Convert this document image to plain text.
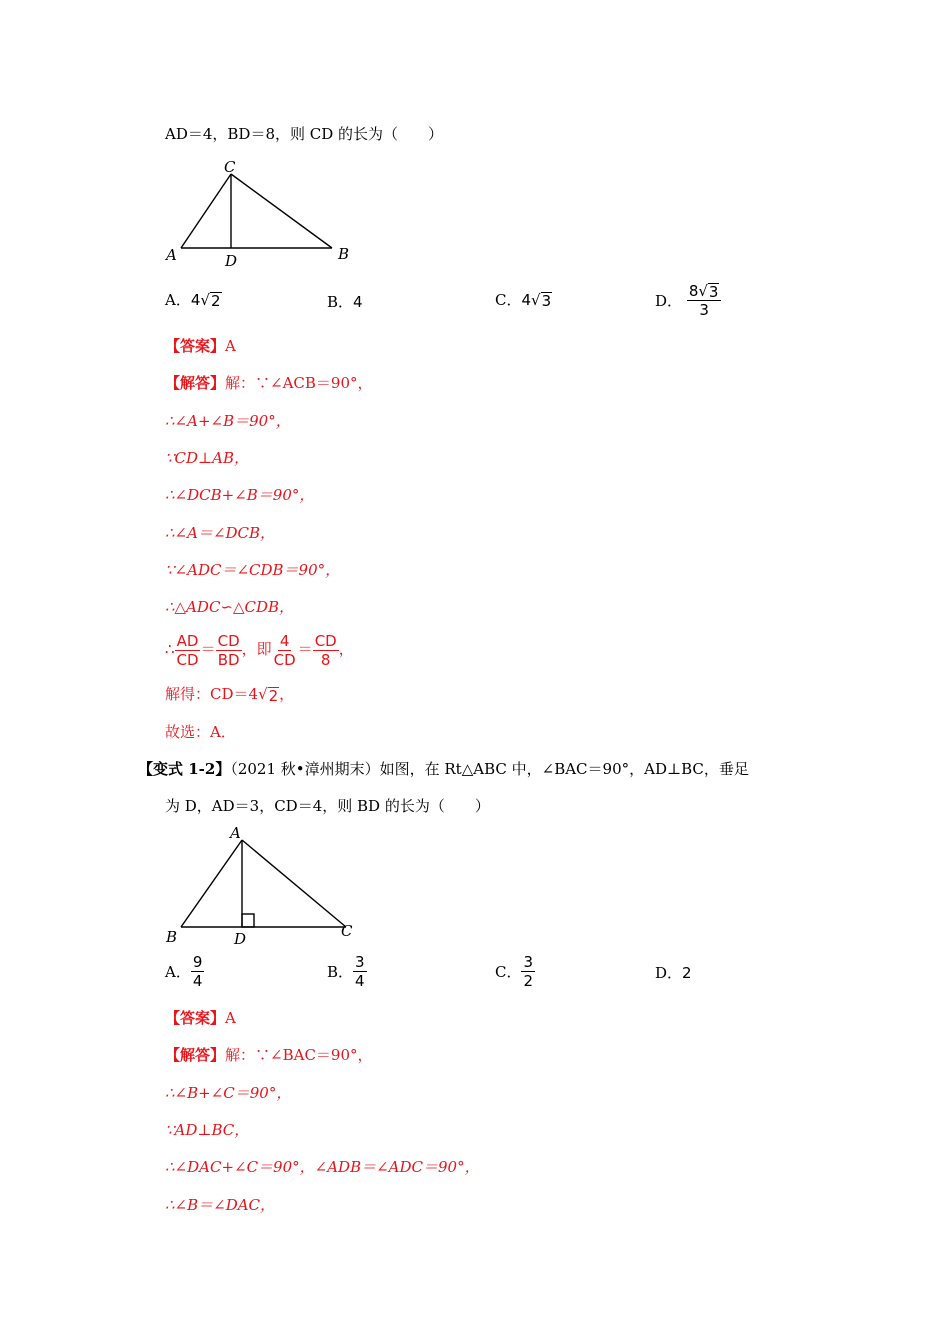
AD＝4，BD＝8，则 CD 的长为（　　）
C
A	D	B
A．4 √ 2	B．4	C．4 √ 3	D． $\frac{8 √ 3}{3}$
【答案】A
【解答】解：∵∠ACB＝90°，
∴∠A+∠B＝90°，
∵CD⊥AB，
∴∠DCB+∠B＝90°，
∴∠A＝∠DCB，
∵∠ADC＝∠CDB＝90°，
∴△ADC∽△CDB，
∴ $\frac{AD}{CD} = \frac{CD}{BD}$ ，即 $\frac{4}{CD} = \frac{CD}{8}$ ，
解得：CD＝4 √ 2 ，
故选：A．
【变式 1-2】（2021 秋•漳州期末）如图，在 Rt△ABC 中，∠BAC＝90°，AD⊥BC，垂足
为 D，AD＝3，CD＝4，则 BD 的长为（　　）
A
B	D	C
A． $\frac{9}{4}$	B． $\frac{3}{4}$	C． $\frac{3}{2}$	D．2
【答案】A
【解答】解：∵∠BAC＝90°，
∴∠B+∠C＝90°，
∵AD⊥BC，
∴∠DAC+∠C＝90°，∠ADB＝∠ADC＝90°，
∴∠B＝∠DAC，
